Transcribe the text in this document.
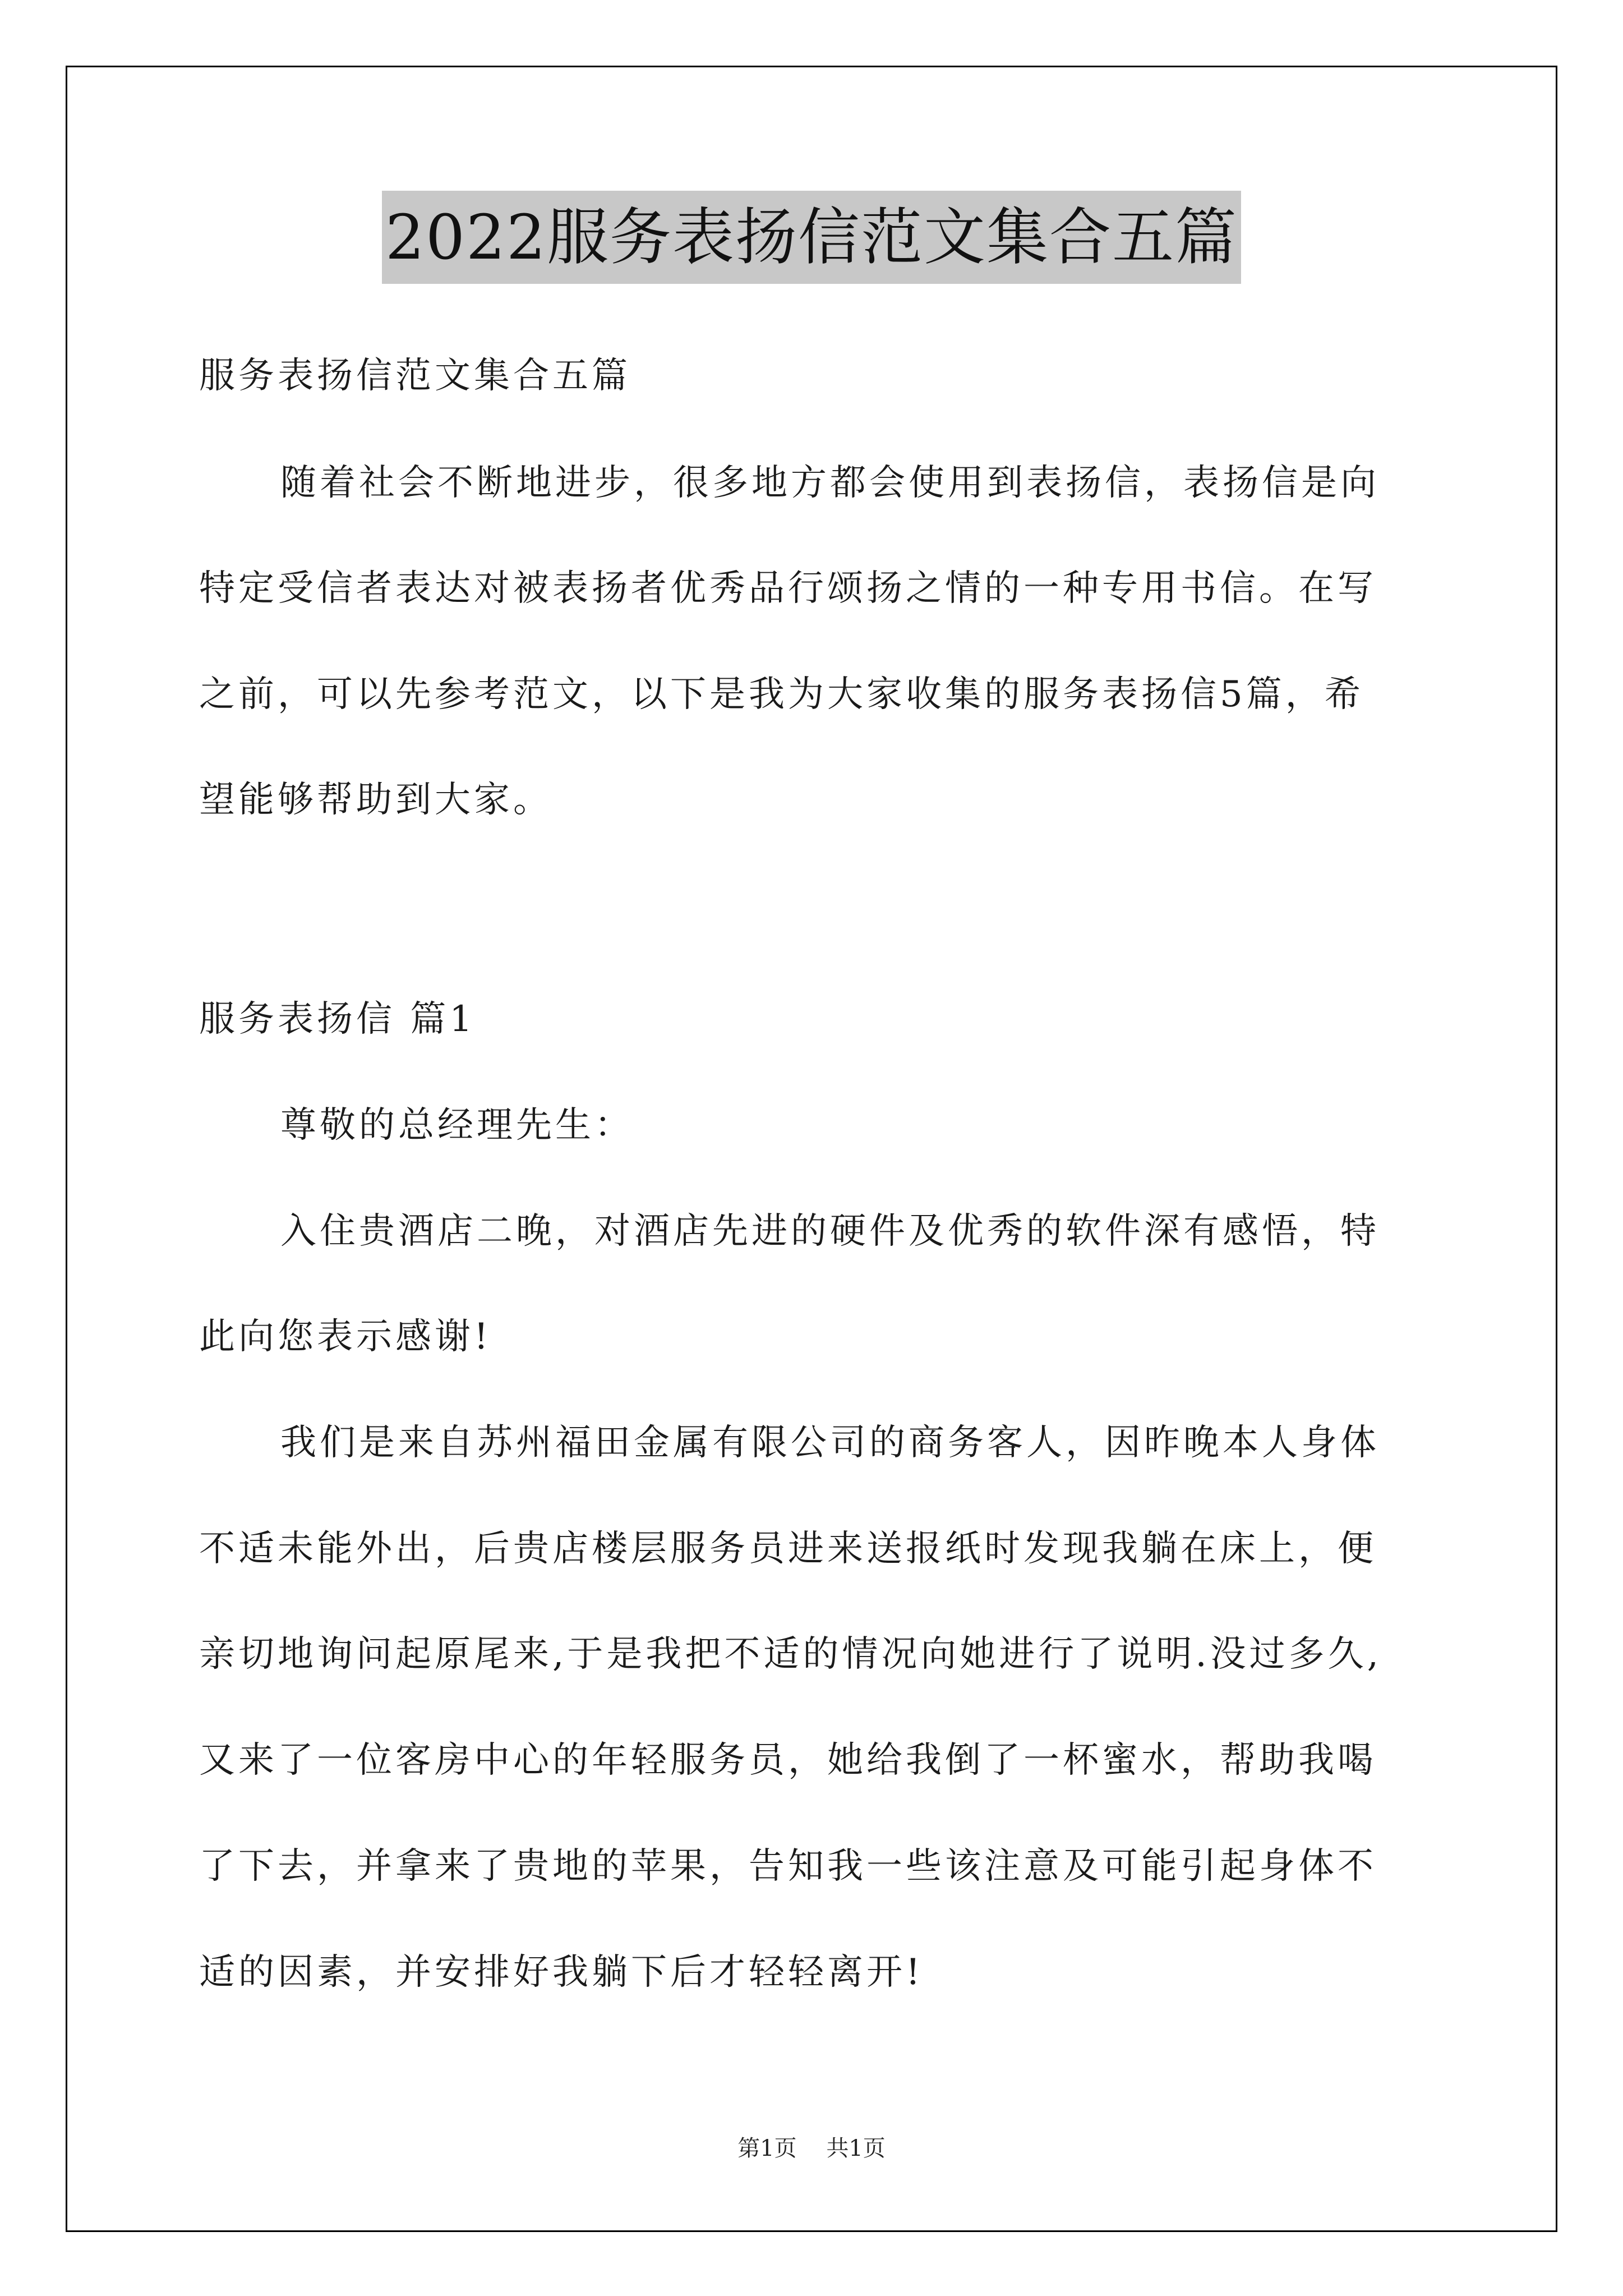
2022服务表扬信范文集合五篇
服务表扬信范文集合五篇
随着社会不断地进步，很多地方都会使用到表扬信，表扬信是向
特定受信者表达对被表扬者优秀品行颂扬之情的一种专用书信。在写
之前，可以先参考范文，以下是我为大家收集的服务表扬信5篇，希
望能够帮助到大家。
服务表扬信 篇1
尊敬的总经理先生：
入住贵酒店二晚，对酒店先进的硬件及优秀的软件深有感悟，特
此向您表示感谢!
我们是来自苏州福田金属有限公司的商务客人，因昨晚本人身体
不适未能外出，后贵店楼层服务员进来送报纸时发现我躺在床上，便
亲切地询问起原尾来,于是我把不适的情况向她进行了说明.没过多久,
又来了一位客房中心的年轻服务员，她给我倒了一杯蜜水，帮助我喝
了下去，并拿来了贵地的苹果，告知我一些该注意及可能引起身体不
适的因素，并安排好我躺下后才轻轻离开!
第1页 共1页
